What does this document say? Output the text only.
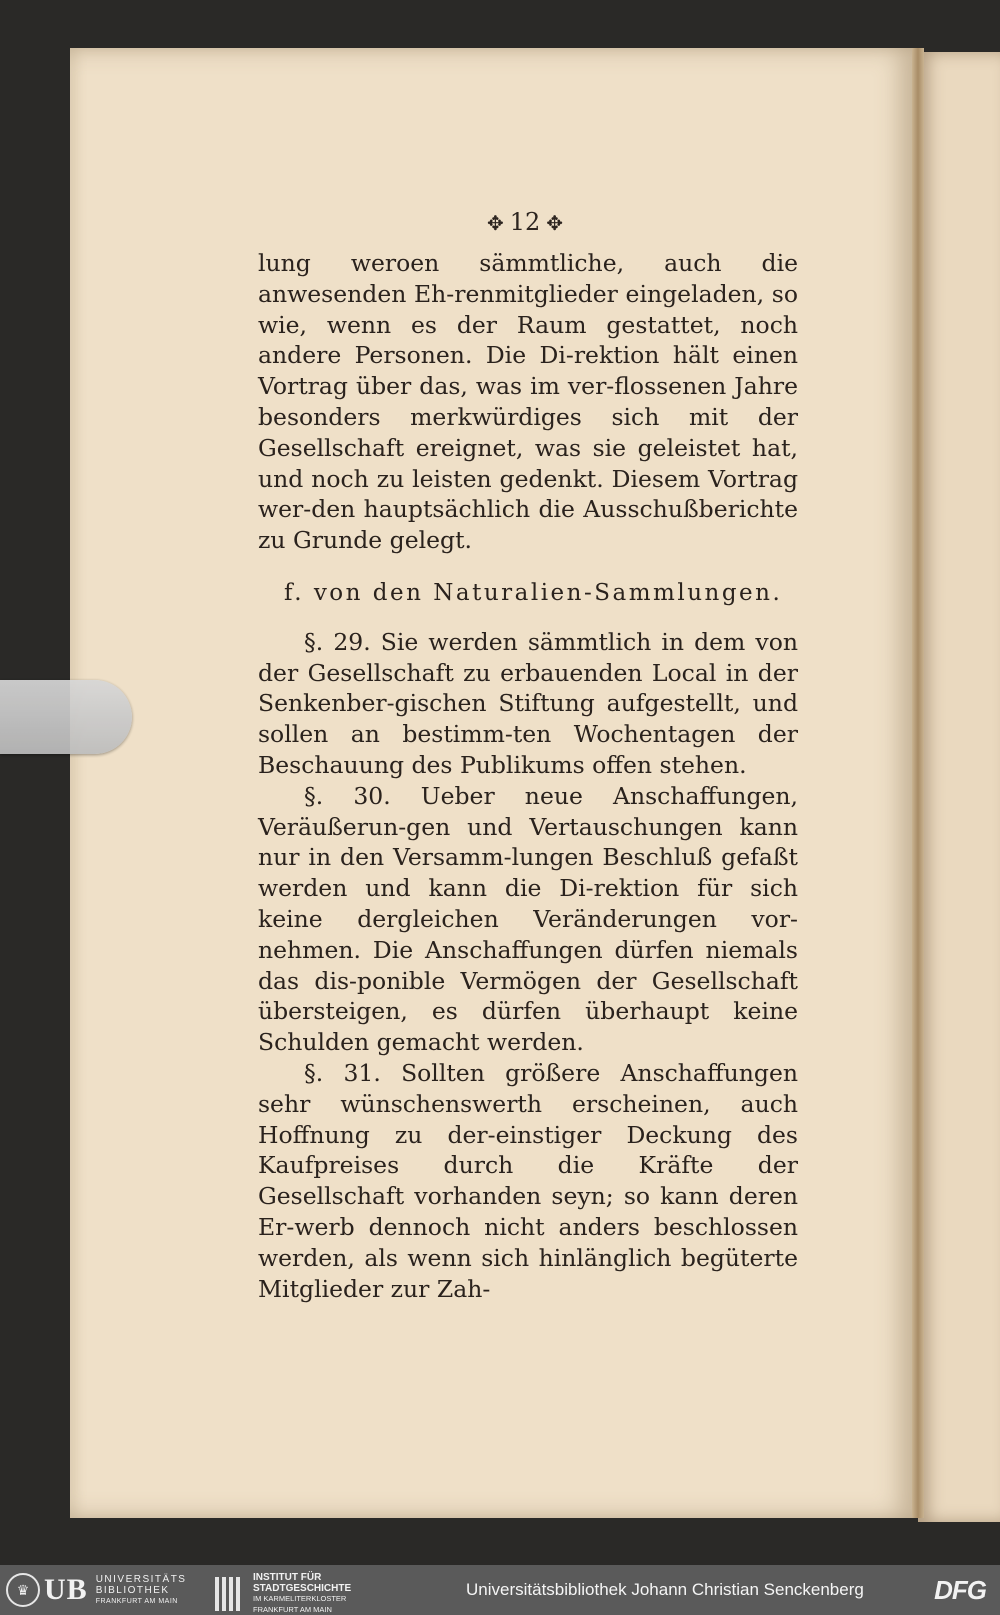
✥ 12 ✥

lung weroen sämmtliche, auch die anwesenden Eh-renmitglieder eingeladen, so wie, wenn es der Raum gestattet, noch andere Personen. Die Di-rektion hält einen Vortrag über das, was im ver-flossenen Jahre besonders merkwürdiges sich mit der Gesellschaft ereignet, was sie geleistet hat, und noch zu leisten gedenkt. Diesem Vortrag wer-den hauptsächlich die Ausschußberichte zu Grunde gelegt.

f. von den Naturalien-Sammlungen.

§. 29. Sie werden sämmtlich in dem von der Gesellschaft zu erbauenden Local in der Senkenber-gischen Stiftung aufgestellt, und sollen an bestimm-ten Wochentagen der Beschauung des Publikums offen stehen.

§. 30. Ueber neue Anschaffungen, Veräußerun-gen und Vertauschungen kann nur in den Versamm-lungen Beschluß gefaßt werden und kann die Di-rektion für sich keine dergleichen Veränderungen vor-nehmen. Die Anschaffungen dürfen niemals das dis-ponible Vermögen der Gesellschaft übersteigen, es dürfen überhaupt keine Schulden gemacht werden.

§. 31. Sollten größere Anschaffungen sehr wünschenswerth erscheinen, auch Hoffnung zu der-einstiger Deckung des Kaufpreises durch die Kräfte der Gesellschaft vorhanden seyn; so kann deren Er-werb dennoch nicht anders beschlossen werden, als wenn sich hinlänglich begüterte Mitglieder zur Zah-

♛ UB UNIVERSITÄTS
BIBLIOTHEK
FRANKFURT AM MAIN
INSTITUT FÜR
STADTGESCHICHTE
IM KARMELITERKLOSTER
FRANKFURT AM MAIN
Universitätsbibliothek Johann Christian Senckenberg	DFG
